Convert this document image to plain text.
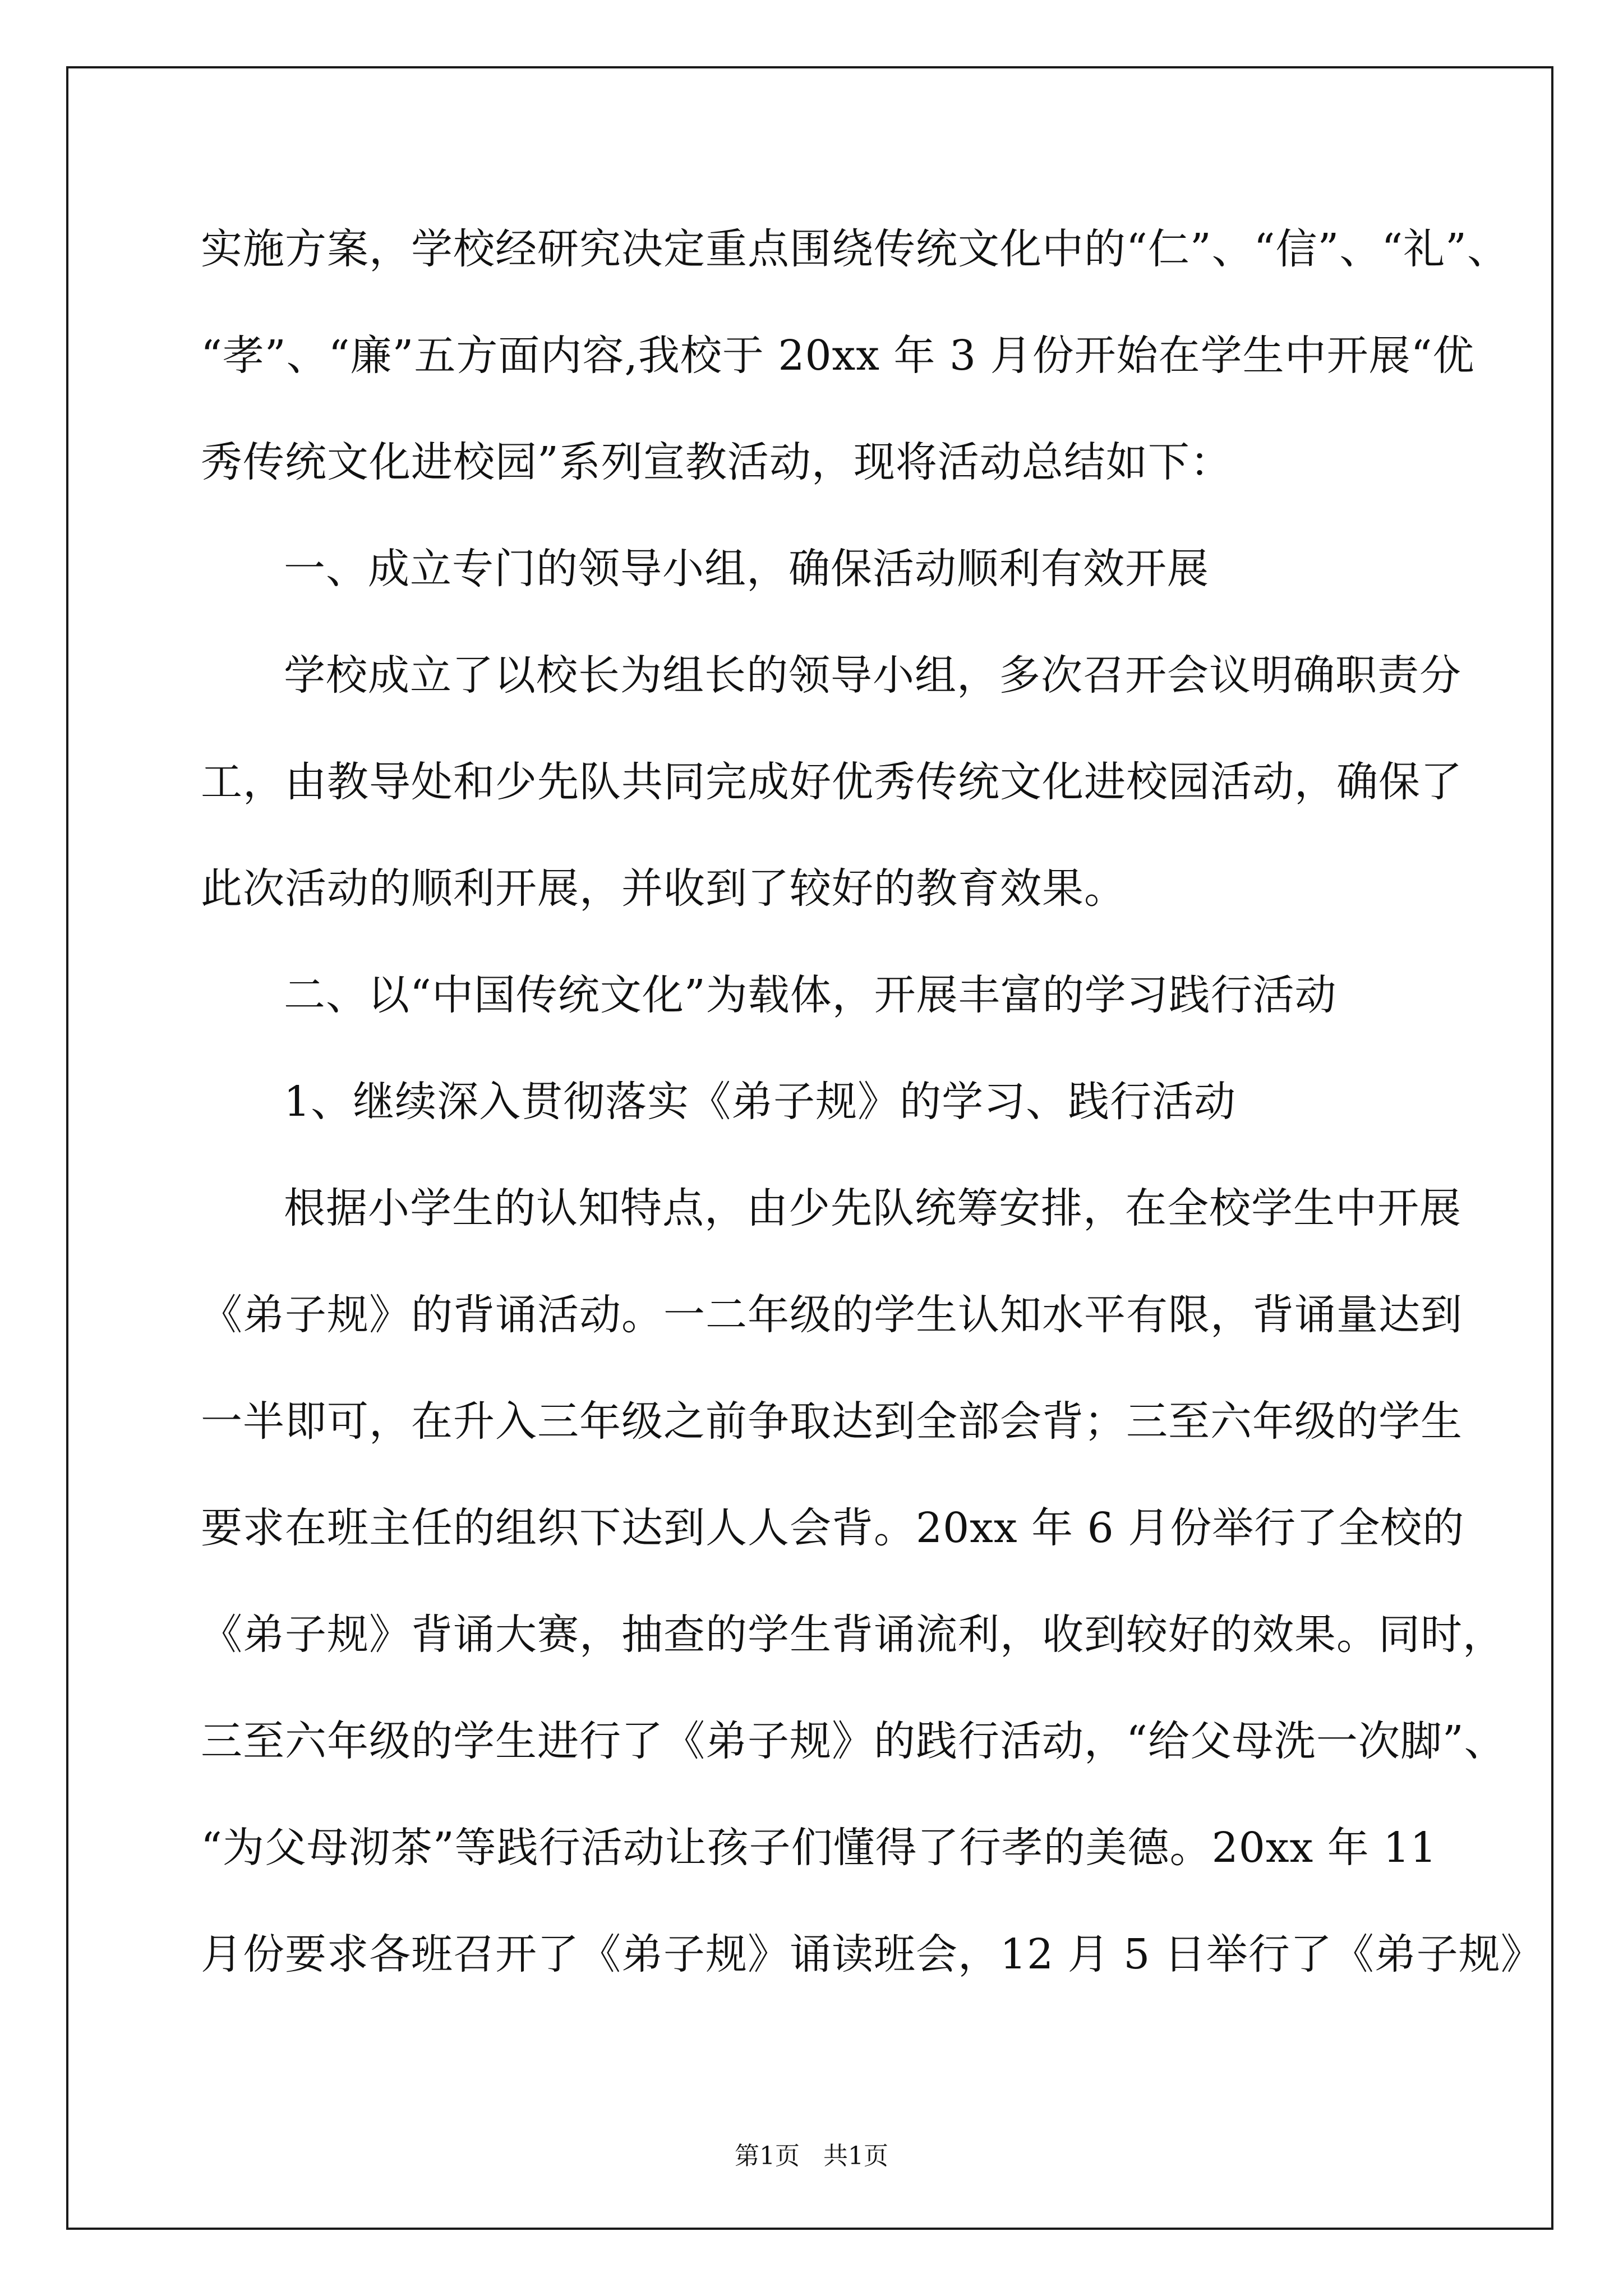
实施方案，学校经研究决定重点围绕传统文化中的“仁”、“信”、“礼”、
“孝”、“廉”五方面内容,我校于 20xx 年 3 月份开始在学生中开展“优
秀传统文化进校园”系列宣教活动，现将活动总结如下：
一、成立专门的领导小组，确保活动顺利有效开展
学校成立了以校长为组长的领导小组，多次召开会议明确职责分
工，由教导处和少先队共同完成好优秀传统文化进校园活动，确保了
此次活动的顺利开展，并收到了较好的教育效果。
二、以“中国传统文化”为载体，开展丰富的学习践行活动
1、继续深入贯彻落实《弟子规》的学习、践行活动
根据小学生的认知特点，由少先队统筹安排，在全校学生中开展
《弟子规》的背诵活动。一二年级的学生认知水平有限，背诵量达到
一半即可，在升入三年级之前争取达到全部会背；三至六年级的学生
要求在班主任的组织下达到人人会背。20xx 年 6 月份举行了全校的
《弟子规》背诵大赛，抽查的学生背诵流利，收到较好的效果。同时，
三至六年级的学生进行了《弟子规》的践行活动，“给父母洗一次脚”、
“为父母沏茶”等践行活动让孩子们懂得了行孝的美德。20xx 年 11
月份要求各班召开了《弟子规》诵读班会，12 月 5 日举行了《弟子规》
第1页   共1页
